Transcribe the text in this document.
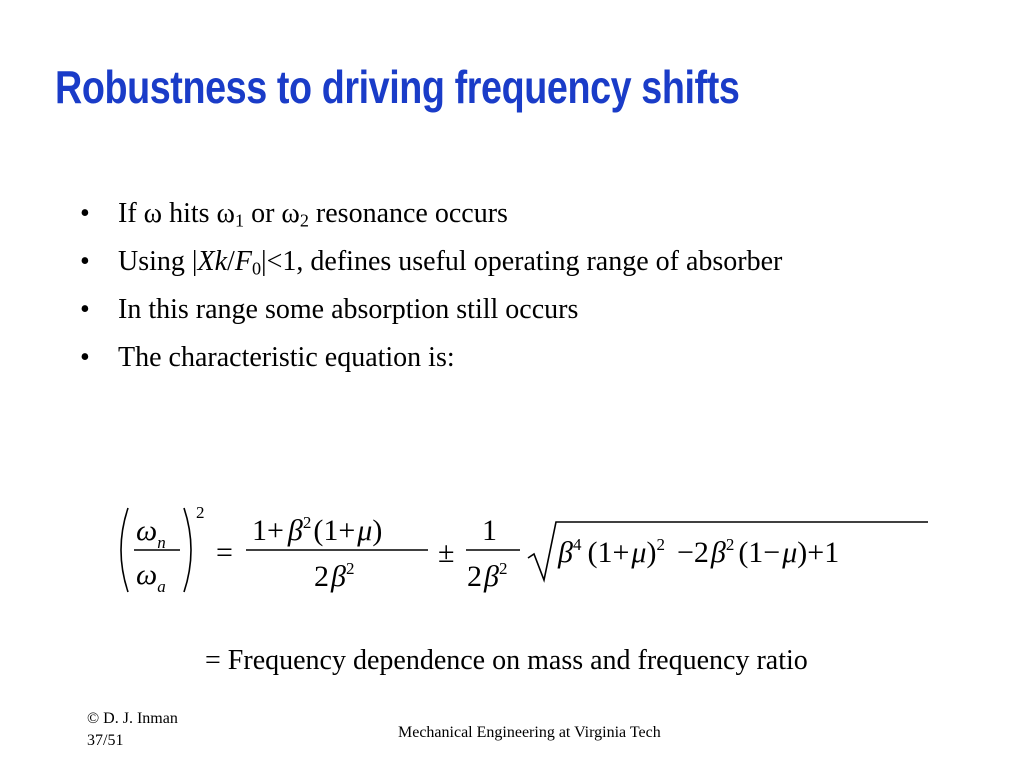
Robustness to driving frequency shifts
• If ω hits $\omega_1$ or $\omega_2$ resonance occurs
• Using $|Xk/F_0|<1$, defines useful operating range of absorber
• In this range some absorption still occurs
• The characteristic equation is:
$\omega_n$
$\omega_a$
2
=
$1+ \beta^2(1+\mu)$
$2\beta^2$	±
1
$2\beta^2$ $\beta^4$ $(1+\mu)^2 -2\beta^2$ (1−μ)+1
= Frequency dependence on mass and frequency ratio
© D. J. Inman
37/51	Mechanical Engineering at Virginia Tech
